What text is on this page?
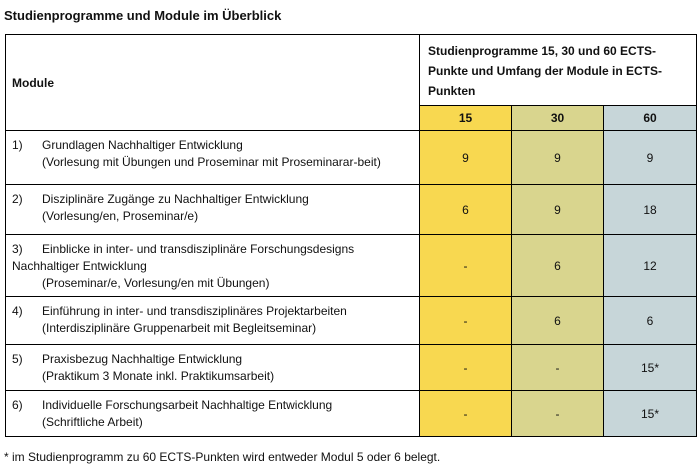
Studienprogramme und Module im Überblick
Module	Studienprogramme 15, 30 und 60 ECTS-Punkte und Umfang der Module in ECTS-Punkten		
	15	30	60
1) Grundlagen Nachhaltiger Entwicklung
(Vorlesung mit Übungen und Proseminar mit Proseminarar-beit)	9	9	9
2) Disziplinäre Zugänge zu Nachhaltiger Entwicklung
(Vorlesung/en, Proseminar/e)	6	9	18
3) Einblicke in inter- und transdisziplinäre Forschungsdesigns Nachhaltiger Entwicklung
(Proseminar/e, Vorlesung/en mit Übungen)	-	6	12
4) Einführung in inter- und transdisziplinäres Projektarbeiten
(Interdisziplinäre Gruppenarbeit mit Begleitseminar)	-	6	6
5) Praxisbezug Nachhaltige Entwicklung
(Praktikum 3 Monate inkl. Praktikumsarbeit)	-	-	15*
6) Individuelle Forschungsarbeit Nachhaltige Entwicklung
(Schriftliche Arbeit)	-	-	15*
* im Studienprogramm zu 60 ECTS-Punkten wird entweder Modul 5 oder 6 belegt.
